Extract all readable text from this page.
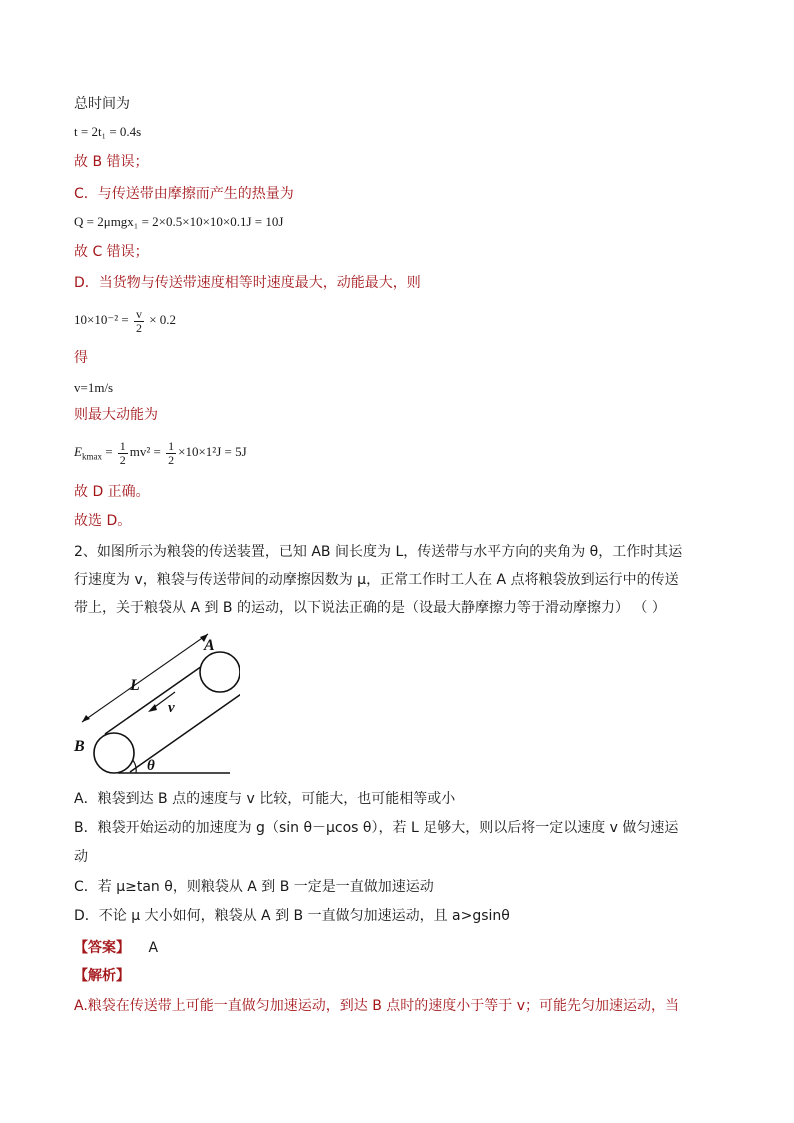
总时间为
t = 2t₁ = 0.4s
故 B 错误；
C．与传送带由摩擦而产生的热量为
Q = 2μmgx₁ = 2×0.5×10×10×0.1J = 10J
故 C 错误；
D．当货物与传送带速度相等时速度最大，动能最大，则
$10\times 10^{-2} = \frac{v}{2} \times 0.2$
得
v=1m/s
则最大动能为
$E_{kmax} = \frac{1}{2} mv^2 = \frac{1}{2} \times 10\times 1^2J = 5J$
故 D 正确。
故选 D。
2、如图所示为粮袋的传送装置，已知 AB 间长度为 L，传送带与水平方向的夹角为 θ，工作时其运
行速度为 v，粮袋与传送带间的动摩擦因数为 μ，正常工作时工人在 A 点将粮袋放到运行中的传送
带上，关于粮袋从 A 到 B 的运动，以下说法正确的是（设最大静摩擦力等于滑动摩擦力） （ ）
A
B
L
v
θ
A．粮袋到达 B 点的速度与 v 比较，可能大，也可能相等或小
B．粮袋开始运动的加速度为 g（sin θ－μcos θ），若 L 足够大，则以后将一定以速度 v 做匀速运
动
C．若 μ≥tan θ，则粮袋从 A 到 B 一定是一直做加速运动
D．不论 μ 大小如何，粮袋从 A 到 B 一直做匀加速运动，且 a>gsinθ
【答案】 A
【解析】
A.粮袋在传送带上可能一直做匀加速运动，到达 B 点时的速度小于等于 v；可能先匀加速运动，当
